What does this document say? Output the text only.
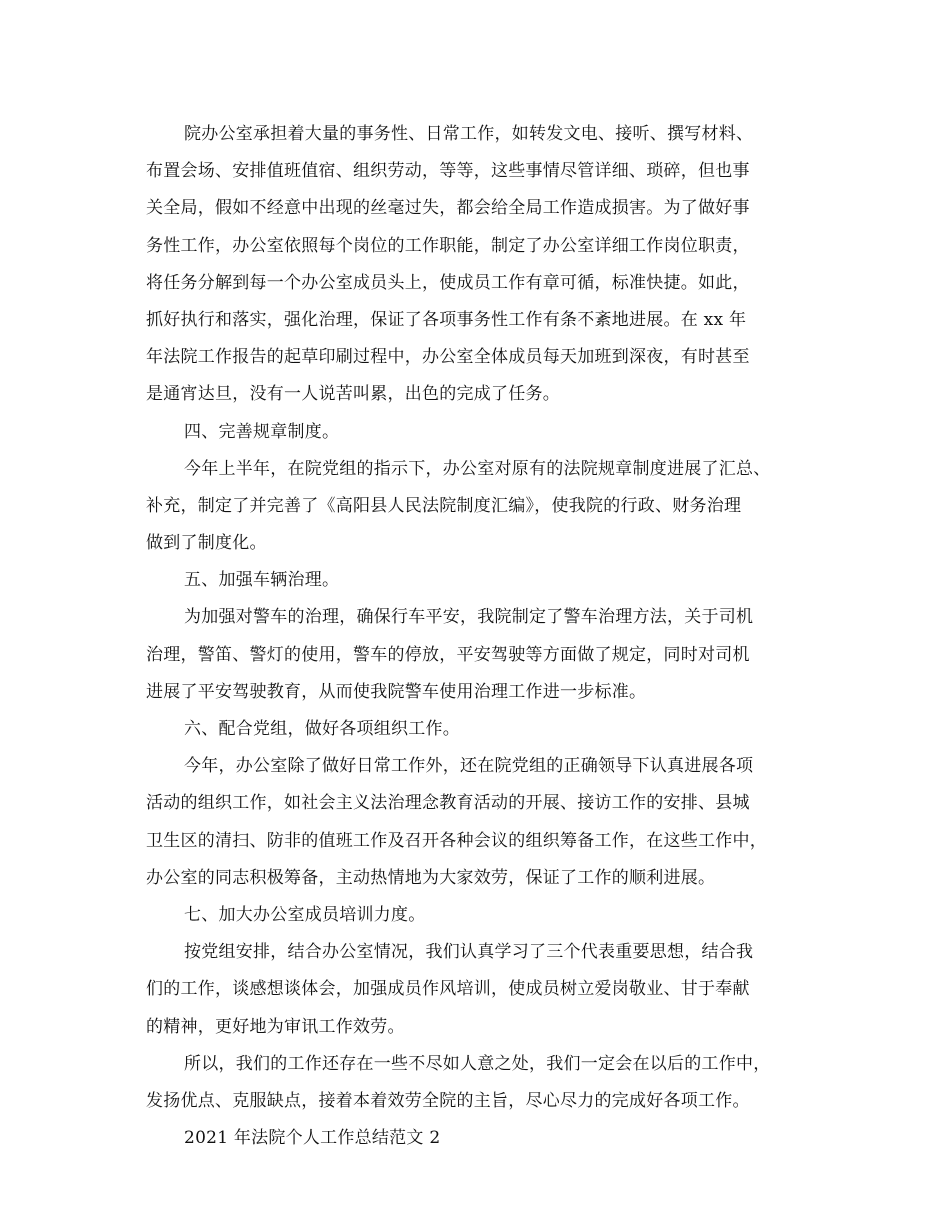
院办公室承担着大量的事务性、日常工作，如转发文电、接听、撰写材料、
布置会场、安排值班值宿、组织劳动，等等，这些事情尽管详细、琐碎，但也事
关全局，假如不经意中出现的丝毫过失，都会给全局工作造成损害。为了做好事
务性工作，办公室依照每个岗位的工作职能，制定了办公室详细工作岗位职责，
将任务分解到每一个办公室成员头上，使成员工作有章可循，标准快捷。如此，
抓好执行和落实，强化治理，保证了各项事务性工作有条不紊地进展。在 xx 年
年法院工作报告的起草印刷过程中，办公室全体成员每天加班到深夜，有时甚至
是通宵达旦，没有一人说苦叫累，出色的完成了任务。
四、完善规章制度。
今年上半年，在院党组的指示下，办公室对原有的法院规章制度进展了汇总、
补充，制定了并完善了《高阳县人民法院制度汇编》，使我院的行政、财务治理
做到了制度化。
五、加强车辆治理。
为加强对警车的治理，确保行车平安，我院制定了警车治理方法，关于司机
治理，警笛、警灯的使用，警车的停放，平安驾驶等方面做了规定，同时对司机
进展了平安驾驶教育，从而使我院警车使用治理工作进一步标准。
六、配合党组，做好各项组织工作。
今年，办公室除了做好日常工作外，还在院党组的正确领导下认真进展各项
活动的组织工作，如社会主义法治理念教育活动的开展、接访工作的安排、县城
卫生区的清扫、防非的值班工作及召开各种会议的组织筹备工作，在这些工作中，
办公室的同志积极筹备，主动热情地为大家效劳，保证了工作的顺利进展。
七、加大办公室成员培训力度。
按党组安排，结合办公室情况，我们认真学习了三个代表重要思想，结合我
们的工作，谈感想谈体会，加强成员作风培训，使成员树立爱岗敬业、甘于奉献
的精神，更好地为审讯工作效劳。
所以，我们的工作还存在一些不尽如人意之处，我们一定会在以后的工作中，
发扬优点、克服缺点，接着本着效劳全院的主旨，尽心尽力的完成好各项工作。
2021 年法院个人工作总结范文 2
